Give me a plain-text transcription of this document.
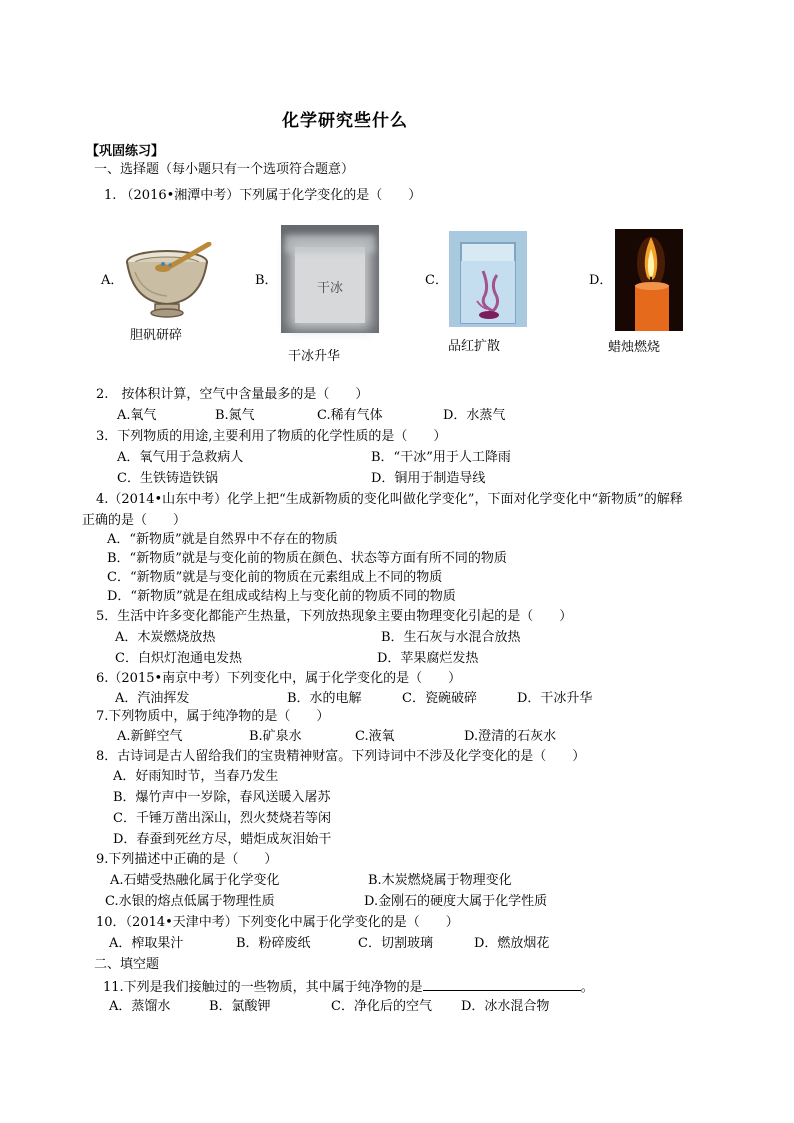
化学研究些什么
【巩固练习】
一、选择题（每小题只有一个选项符合题意）
1. （2016•湘潭中考）下列属于化学变化的是（　　）
A．
胆矾研碎
B．
干冰
干冰升华
C．
品红扩散
D．
蜡烛燃烧
2.　按体积计算，空气中含量最多的是（　　）
A.氧气	B.氮气	C.稀有气体	D．水蒸气
3．下列物质的用途,主要利用了物质的化学性质的是（　　）
A．氧气用于急救病人	B．“干冰”用于人工降雨
C．生铁铸造铁锅	D．铜用于制造导线
4.（2014•山东中考）化学上把“生成新物质的变化叫做化学变化”，下面对化学变化中“新物质”的解释
正确的是（　　）
A．“新物质”就是自然界中不存在的物质
B．“新物质”就是与变化前的物质在颜色、状态等方面有所不同的物质
C．“新物质”就是与变化前的物质在元素组成上不同的物质
D．“新物质”就是在组成或结构上与变化前的物质不同的物质
5．生活中许多变化都能产生热量，下列放热现象主要由物理变化引起的是（　　）
A．木炭燃烧放热	B．生石灰与水混合放热
C．白炽灯泡通电发热	D．苹果腐烂发热
6.（2015•南京中考）下列变化中，属于化学变化的是（　　）
A．汽油挥发	B．水的电解	C．瓷碗破碎	D．干冰升华
7.下列物质中，属于纯净物的是（　　）
A.新鲜空气	B.矿泉水	C.液氧	D.澄清的石灰水
8．古诗词是古人留给我们的宝贵精神财富。下列诗词中不涉及化学变化的是（　　）
A．好雨知时节，当春乃发生
B．爆竹声中一岁除，春风送暖入屠苏
C．千锤万凿出深山，烈火焚烧若等闲
D．春蚕到死丝方尽，蜡炬成灰泪始干
9.下列描述中正确的是（　　）
A.石蜡受热融化属于化学变化	B.木炭燃烧属于物理变化
C.水银的熔点低属于物理性质	D.金刚石的硬度大属于化学性质
10．（2014•天津中考）下列变化中属于化学变化的是（　　）
A．榨取果汁	B．粉碎废纸	C．切割玻璃	D．燃放烟花
二、填空题
11.下列是我们接触过的一些物质，其中属于纯净物的是	。
A．蒸馏水	B．氯酸钾	C．净化后的空气 D．冰水混合物
